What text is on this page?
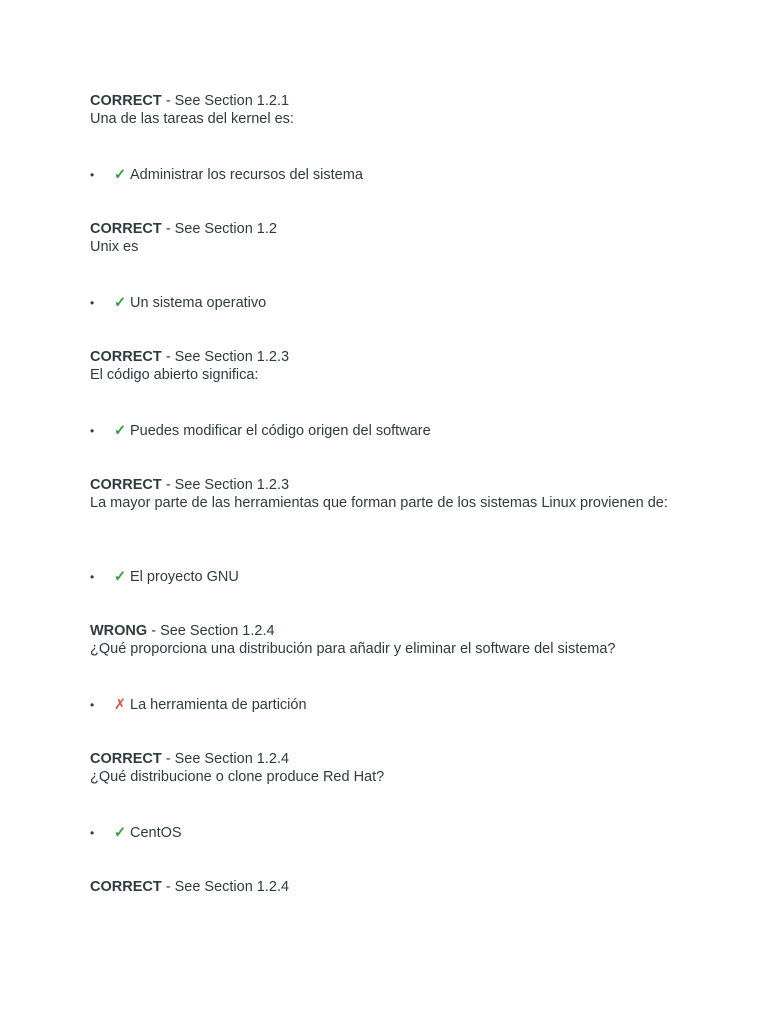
CORRECT - See Section 1.2.1
Una de las tareas del kernel es:
• ✓ Administrar los recursos del sistema
CORRECT - See Section 1.2
Unix es
• ✓ Un sistema operativo
CORRECT - See Section 1.2.3
El código abierto significa:
• ✓ Puedes modificar el código origen del software
CORRECT - See Section 1.2.3
La mayor parte de las herramientas que forman parte de los sistemas Linux provienen de:
• ✓ El proyecto GNU
WRONG - See Section 1.2.4
¿Qué proporciona una distribución para añadir y eliminar el software del sistema?
• ✗ La herramienta de partición
CORRECT - See Section 1.2.4
¿Qué distribucione o clone produce Red Hat?
• ✓ CentOS
CORRECT - See Section 1.2.4
